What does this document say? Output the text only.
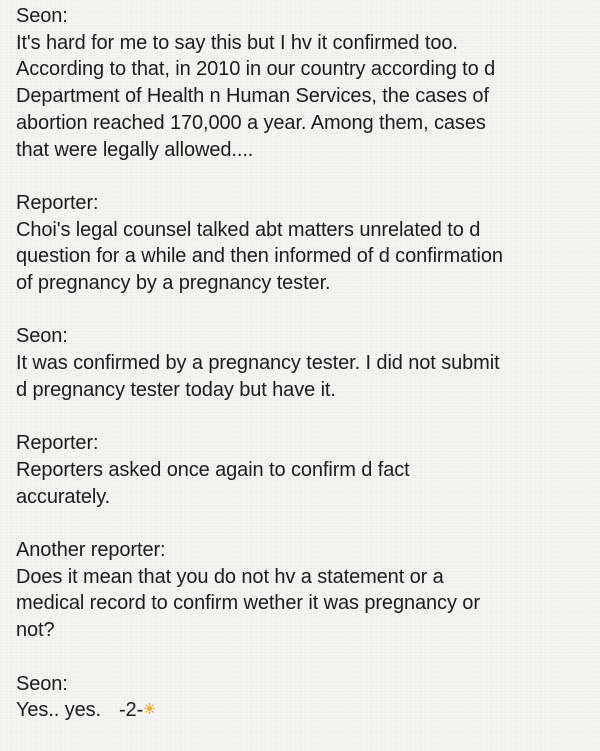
Seon:
It's hard for me to say this but I hv it confirmed too.
According to that, in 2010 in our country according to d
Department of Health n Human Services, the cases of
abortion reached 170,000 a year. Among them, cases
that were legally allowed....
Reporter:
Choi's legal counsel talked abt matters unrelated to d
question for a while and then informed of d confirmation
of pregnancy by a pregnancy tester.
Seon:
It was confirmed by a pregnancy tester. I did not submit
d pregnancy tester today but have it.
Reporter:
Reporters asked once again to confirm d fact
accurately.
Another reporter:
Does it mean that you do not hv a statement or a
medical record to confirm wether it was pregnancy or
not?
Seon:
Yes.. yes. -2-
